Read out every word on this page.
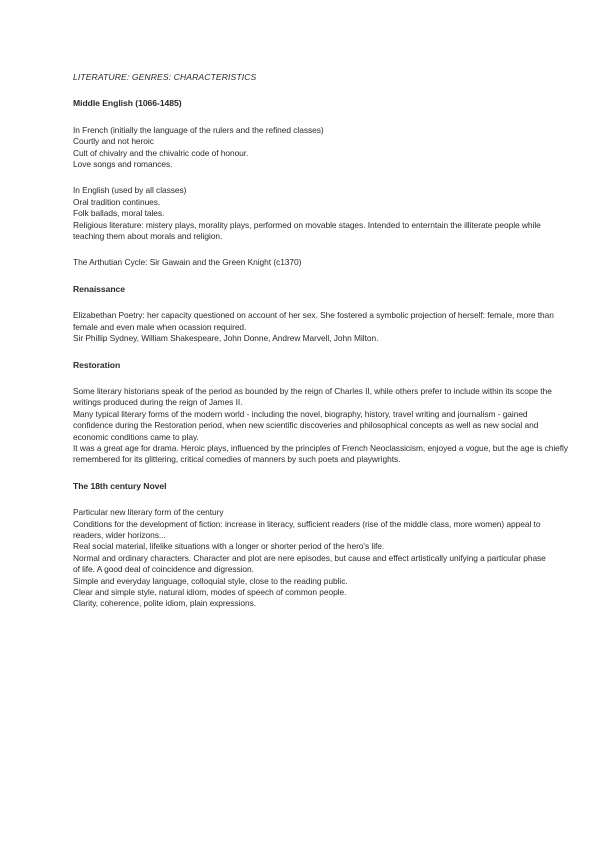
LITERATURE: GENRES: CHARACTERISTICS
Middle English (1066-1485)
In French (initially the language of the rulers and the refined classes)
Courtly and not heroic
Cult of chivalry and the chivalric code of honour.
Love songs and romances.
In English (used by all classes)
Oral tradition continues.
Folk ballads, moral tales.
Religious literature: mistery plays, morality plays, performed on movable stages. Intended to enterntain the illiterate people while
teaching them about morals and religion.
The Arthutian Cycle: Sir Gawain and the Green Knight (c1370)
Renaissance
Elizabethan Poetry: her capacity questioned on account of her sex. She fostered a symbolic projection of herself: female, more than
female and even male when ocassion required.
Sir Phillip Sydney, William Shakespeare, John Donne, Andrew Marvell, John Milton.
Restoration
Some literary historians speak of the period as bounded by the reign of Charles II, while others prefer to include within its scope the
writings produced during the reign of James II.
Many typical literary forms of the modern world - including the novel, biography, history, travel writing and journalism - gained
confidence during the Restoration period, when new scientific discoveries and philosophical concepts as well as new social and
economic conditions came to play.
It was a great age for drama. Heroic plays, influenced by the principles of French Neoclassicism, enjoyed a vogue, but the age is chiefly
remembered for its glittering, critical comedies of manners by such poets and playwrights.
The 18th century Novel
Particular new literary form of the century
Conditions for the development of fiction: increase in literacy, sufficient readers (rise of the middle class, more women) appeal to
readers, wider horizons...
Real social material, lifelike situations with a longer or shorter period of the hero's life.
Normal and ordinary characters. Character and plot are nere episodes, but cause and effect artistically unifying a particular phase
of life. A good deal of coincidence and digression.
Simple and everyday language, colloquial style, close to the reading public.
Clear and simple style, natural idiom, modes of speech of common people.
Clarity, coherence, polite idiom, plain expressions.
